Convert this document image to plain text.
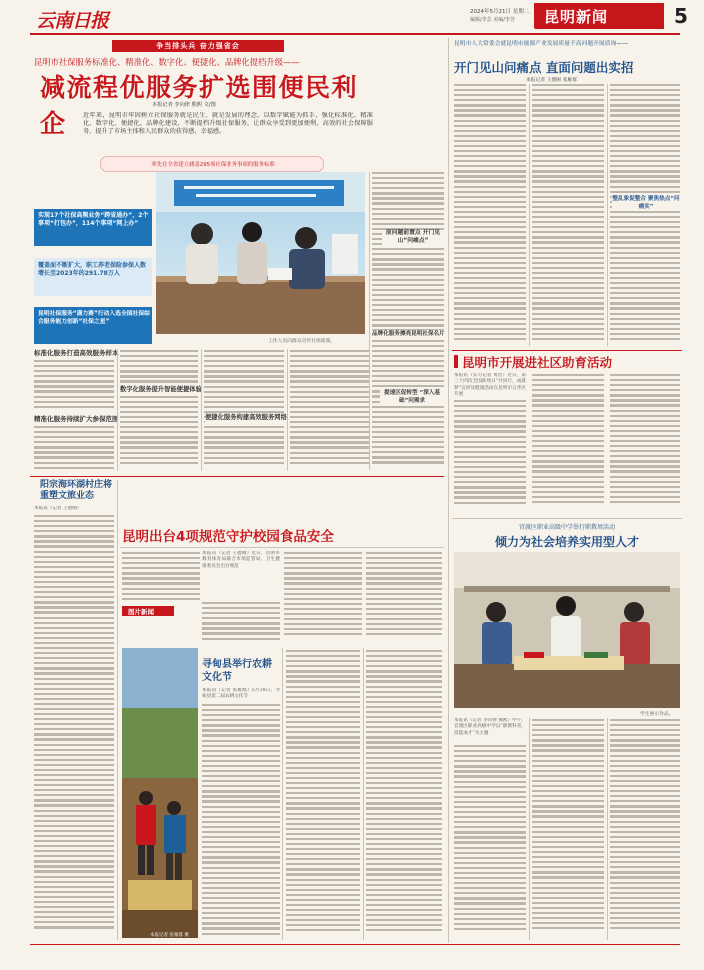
云南日报	2024年5月21日 星期二
编辑/李芸 美编/李芳 昆明新闻	5
争当排头兵 奋力强省会
昆明市社保服务标准化、精准化、数字化、便捷化、品牌化提档升级——
减流程优服务扩选围便民利企
本报记者 李向律 熊熙 文/图
近年来，昆明市牢固树立社保服务就是民生、就是发展的理念，以数字赋能为抓手，强化标准化、精准化、数字化、便捷化、品牌化建设，不断提档升级社保服务，让群众享受到更加便利、高效的社会保障服务，提升了市场主体和人民群众的获得感、幸福感。
率先在全省建立涵盖295项社保业务事项的服务标准
工作人员向群众宣传社保政策。
实现17个社保高频业务“跨省通办”，2个事项“打包办”，114个事项“网上办”
覆盖面不断扩大，职工养老保险参保人数增长至2023年的291.78万人
昆明社保服务“潇力赛”行动入选全国社保综合服务能力创新“社保之星”
标准化服务打造高效服务样本
精准化服务持续扩大参保范围
数字化服务提升智能便捷体验
便捷化服务构建高效服务网络
原问题前置点 开门见山“问痛点”
品牌化服务擦亮昆明社保名片
提速区促转型 “深入基础”问需求
阳宗海环湖村庄将重塑文旅业态
本报讯（记者 王德刚）
昆明出台4项规范守护校园食品安全
本报讯（记者 王德刚）近日，昆明市教育体育局联合市场监管局、卫生健康委员会出台规范
图片新闻
寻甸县举行农耕文化节
本报讯（记者 张雁群）5月18日，寻甸县第二届农耕文化节
本报记者 张雁群 摄
昆明市人大常委会就昆明市能源产业发展质量不高问题开展质询——
开门见山问痛点 直面问题出实招
本报记者 王德刚 张雁群
整乱象促整合 聚焦热点“问痛实”
昆明市开展进社区助育活动
本报讯（实习记者 黄浩）近日，第三十四次全国助残日“共同行，成就梦”宣讲及健康活动在昆明市五华区开展
官渡区职业高级中学举行职教周活动
倾力为社会培养实用型人才
学生展示作品。
本报讯（记者 李向律 熊熙）中午，官渡区职业高级中学以“职教科普，技能成才”为主题
